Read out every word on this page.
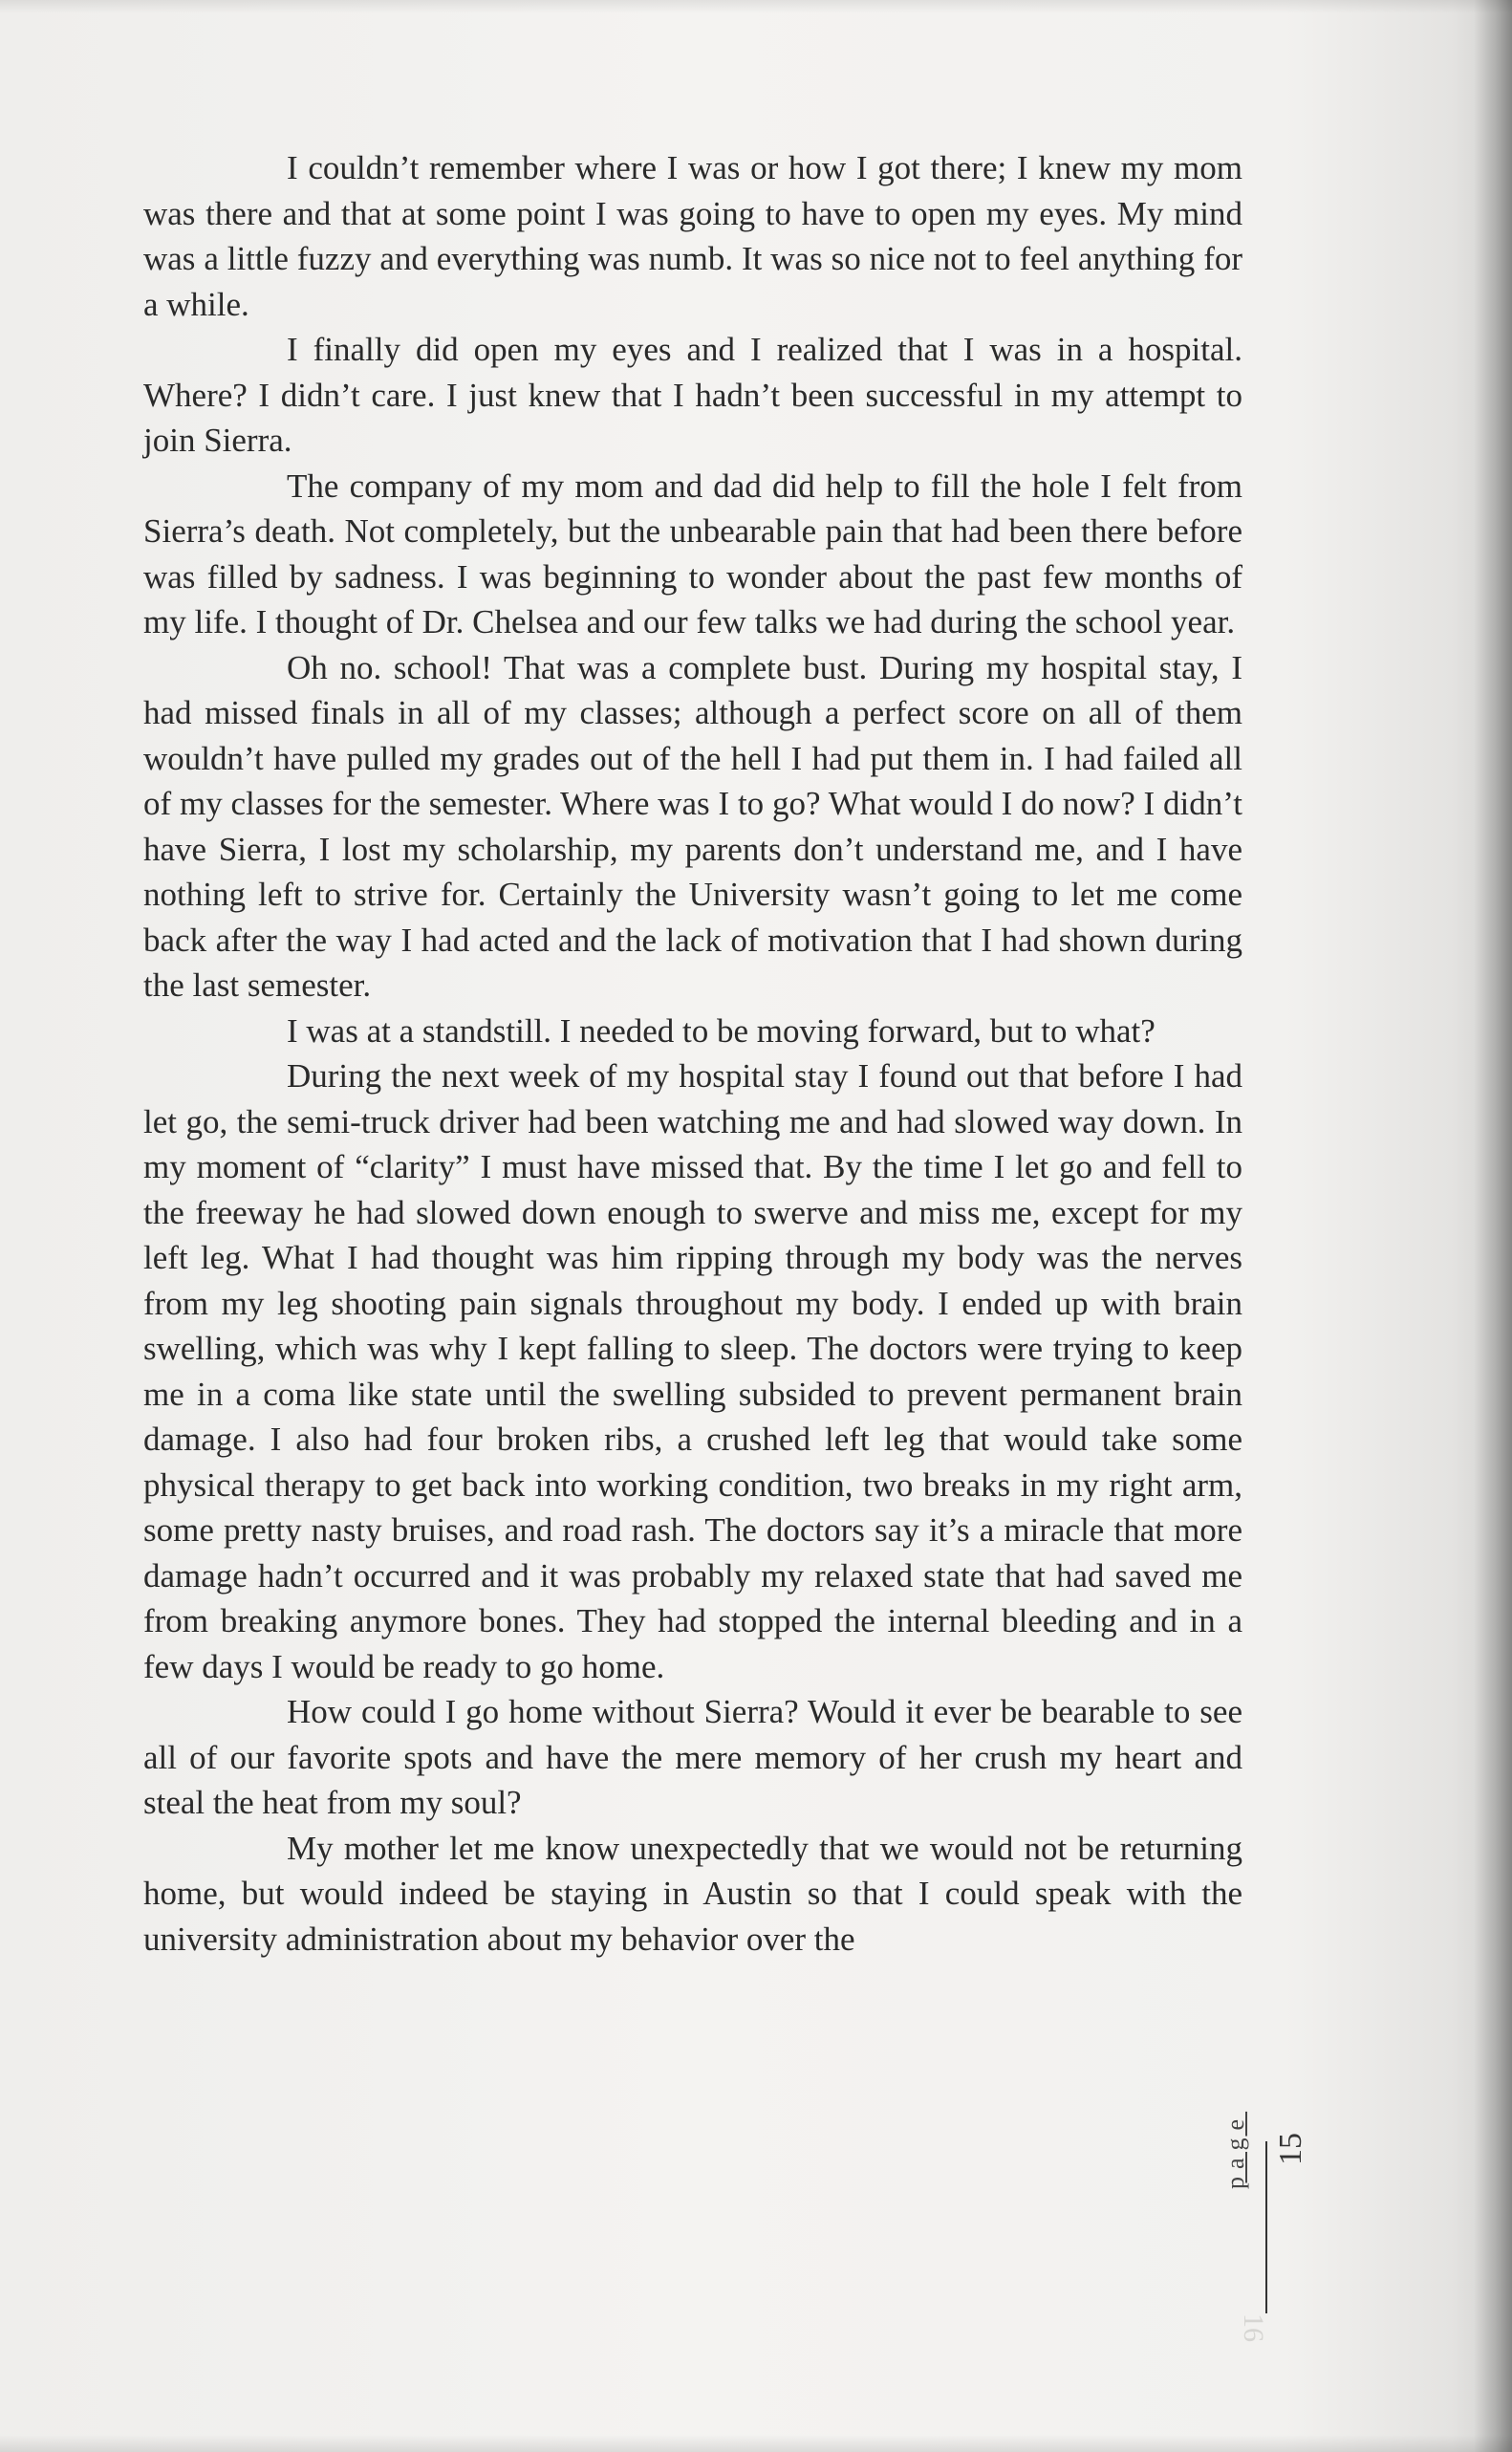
I couldn’t remember where I was or how I got there; I knew my mom was there and that at some point I was going to have to open my eyes. My mind was a little fuzzy and everything was numb. It was so nice not to feel anything for a while.

I finally did open my eyes and I realized that I was in a hospital. Where? I didn’t care. I just knew that I hadn’t been successful in my attempt to join Sierra.

The company of my mom and dad did help to fill the hole I felt from Sierra’s death. Not completely, but the unbearable pain that had been there before was filled by sadness. I was beginning to wonder about the past few months of my life. I thought of Dr. Chelsea and our few talks we had during the school year.

Oh no. school! That was a complete bust. During my hospital stay, I had missed finals in all of my classes; although a perfect score on all of them wouldn’t have pulled my grades out of the hell I had put them in. I had failed all of my classes for the semester. Where was I to go? What would I do now? I didn’t have Sierra, I lost my scholarship, my parents don’t understand me, and I have nothing left to strive for. Certainly the University wasn’t going to let me come back after the way I had acted and the lack of motivation that I had shown during the last semester.

I was at a standstill. I needed to be moving forward, but to what?

During the next week of my hospital stay I found out that before I had let go, the semi-truck driver had been watching me and had slowed way down. In my moment of “clarity” I must have missed that. By the time I let go and fell to the freeway he had slowed down enough to swerve and miss me, except for my left leg. What I had thought was him ripping through my body was the nerves from my leg shooting pain signals throughout my body. I ended up with brain swelling, which was why I kept falling to sleep. The doctors were trying to keep me in a coma like state until the swelling subsided to prevent permanent brain damage. I also had four broken ribs, a crushed left leg that would take some physical therapy to get back into working condition, two breaks in my right arm, some pretty nasty bruises, and road rash. The doctors say it’s a miracle that more damage hadn’t occurred and it was probably my relaxed state that had saved me from breaking anymore bones. They had stopped the internal bleeding and in a few days I would be ready to go home.

How could I go home without Sierra? Would it ever be bearable to see all of our favorite spots and have the mere memory of her crush my heart and steal the heat from my soul?

My mother let me know unexpectedly that we would not be returning home, but would indeed be staying in Austin so that I could speak with the university administration about my behavior over the

page 15
16
